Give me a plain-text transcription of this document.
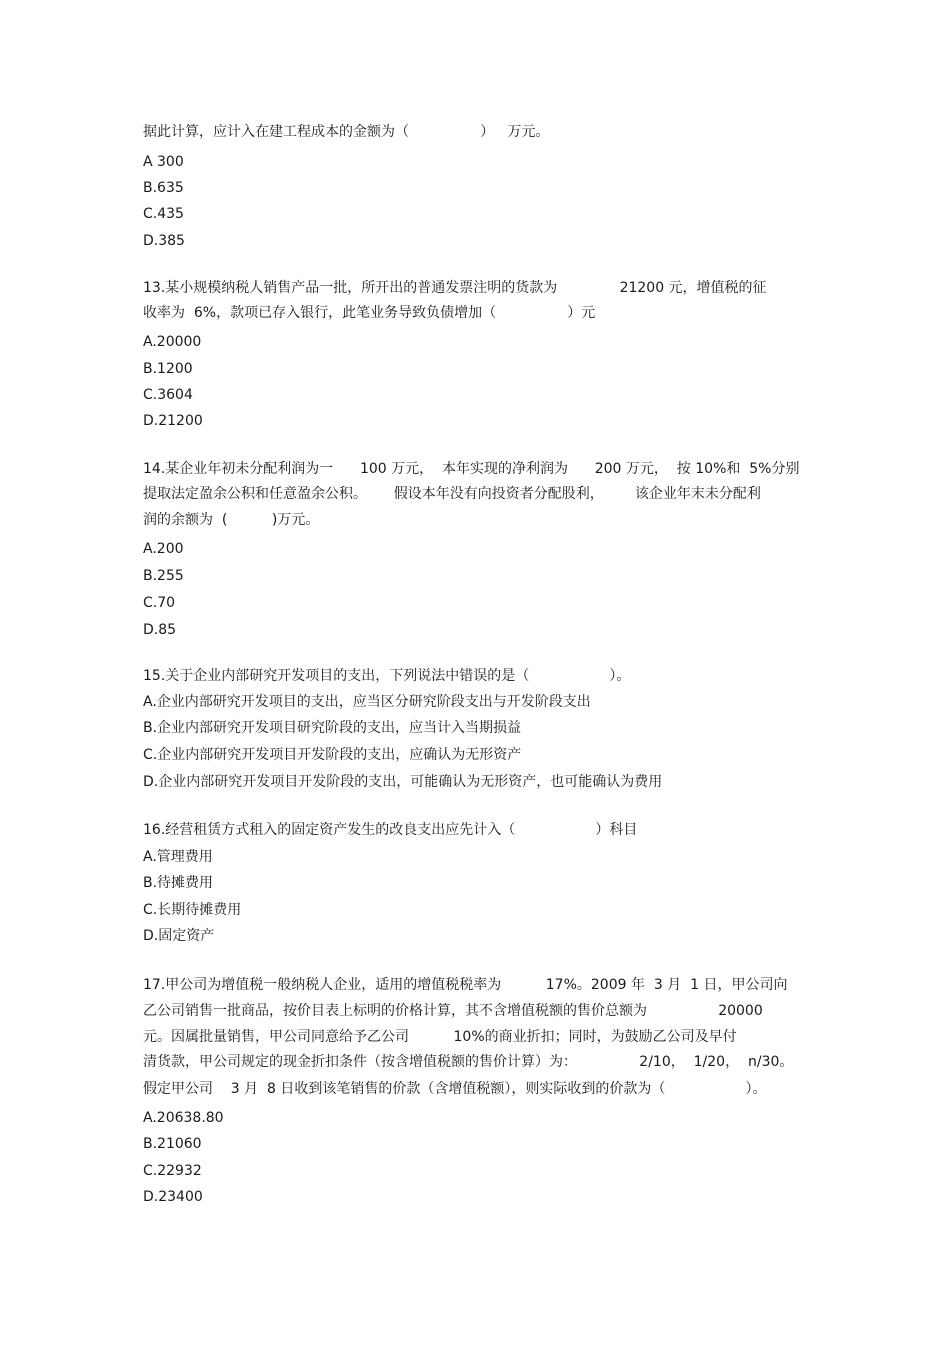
据此计算，应计入在建工程成本的金额为（                ）   万元。
A 300
B.635
C.435
D.385
13.某小规模纳税人销售产品一批，所开出的普通发票注明的货款为              21200 元，增值税的征
收率为  6%，款项已存入银行，此笔业务导致负债增加（                ）元
A.20000
B.1200
C.3604
D.21200
14.某企业年初未分配利润为一      100 万元，  本年实现的净利润为      200 万元，  按 10%和  5%分别
提取法定盈余公积和任意盈余公积。      假设本年没有向投资者分配股利，       该企业年末未分配利
润的余额为  (          )万元。
A.200
B.255
C.70
D.85
15.关于企业内部研究开发项目的支出，下列说法中错误的是（                  ）。
A.企业内部研究开发项目的支出，应当区分研究阶段支出与开发阶段支出
B.企业内部研究开发项目研究阶段的支出，应当计入当期损益
C.企业内部研究开发项目开发阶段的支出，应确认为无形资产
D.企业内部研究开发项目开发阶段的支出，可能确认为无形资产，也可能确认为费用
16.经营租赁方式租入的固定资产发生的改良支出应先计入（                  ）科目
A.管理费用
B.待摊费用
C.长期待摊费用
D.固定资产
17.甲公司为增值税一般纳税人企业，适用的增值税税率为          17%。2009 年  3 月  1 日，甲公司向
乙公司销售一批商品，按价目表上标明的价格计算，其不含增值税额的售价总额为                20000
元。因属批量销售，甲公司同意给予乙公司          10%的商业折扣；同时，为鼓励乙公司及早付
清货款，甲公司规定的现金折扣条件（按含增值税额的售价计算）为：              2/10，  1/20，  n/30。
假定甲公司    3 月  8 日收到该笔销售的价款（含增值税额），则实际收到的价款为（                  ）。
A.20638.80
B.21060
C.22932
D.23400
